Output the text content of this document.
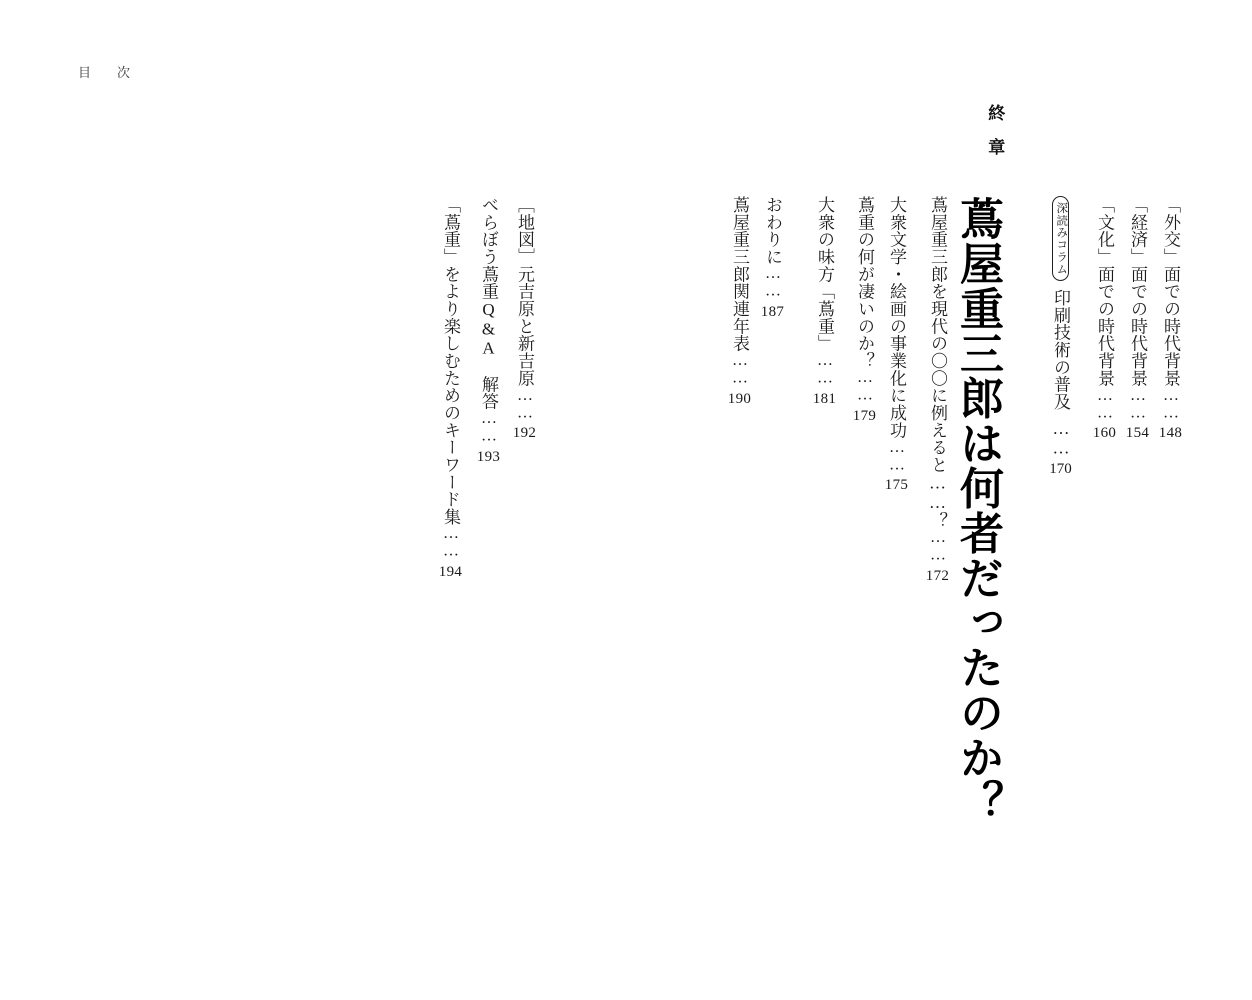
目　次
終　章
蔦屋重三郎は何者だったのか？	「外交」面での時代背景
……
148
「経済」面での時代背景
……
154
「文化」面での時代背景
……
160
深読みコラム
印刷技術の普及
……
170
蔦屋重三郎を現代の〇〇に例えると……？
……
172
大衆文学・絵画の事業化に成功
……
175
蔦重の何が凄いのか？
……
179
大衆の味方「蔦重」
……
181
おわりに
……
187
蔦屋重三郎関連年表
……
190
［地図］元吉原と新吉原
……
192
べらぼう蔦重Q&A　解答
……
193
「蔦重」をより楽しむためのキーワード集
……
194
